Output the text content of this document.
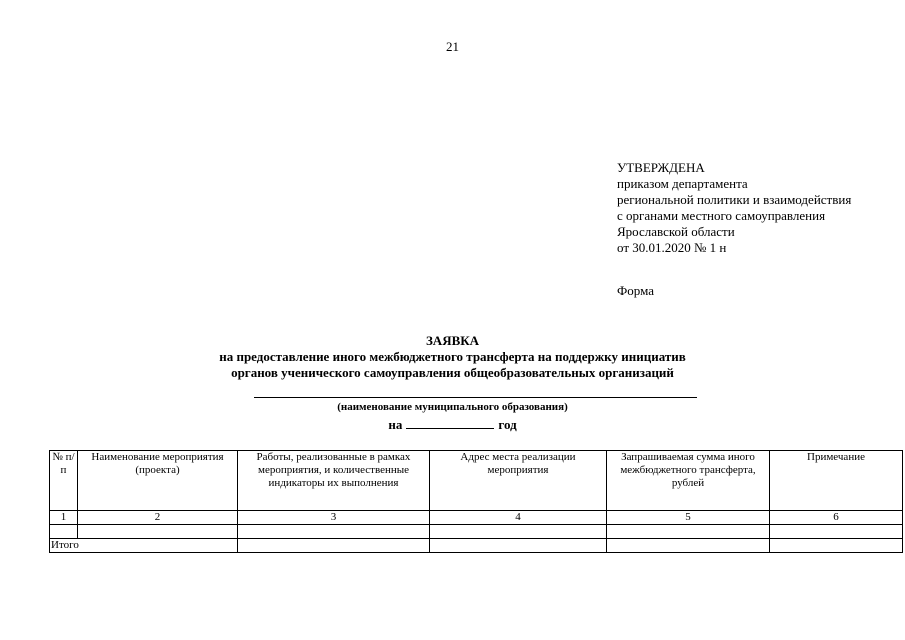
21
УТВЕРЖДЕНА
приказом департамента
региональной политики и взаимодействия
с органами местного самоуправления
Ярославской области
от 30.01.2020 № 1 н
Форма
ЗАЯВКА
на предоставление иного межбюджетного трансферта на поддержку инициатив
органов ученического самоуправления общеобразовательных организаций
(наименование муниципального образования)
на	год
№ п/п	Наименование мероприятия (проекта)	Работы, реализованные в рамках мероприятия, и количественные индикаторы их выполнения	Адрес места реализации мероприятия	Запрашиваемая сумма иного межбюджетного трансферта, рублей	Примечание
1	2	3	4	5	6

Итого					
